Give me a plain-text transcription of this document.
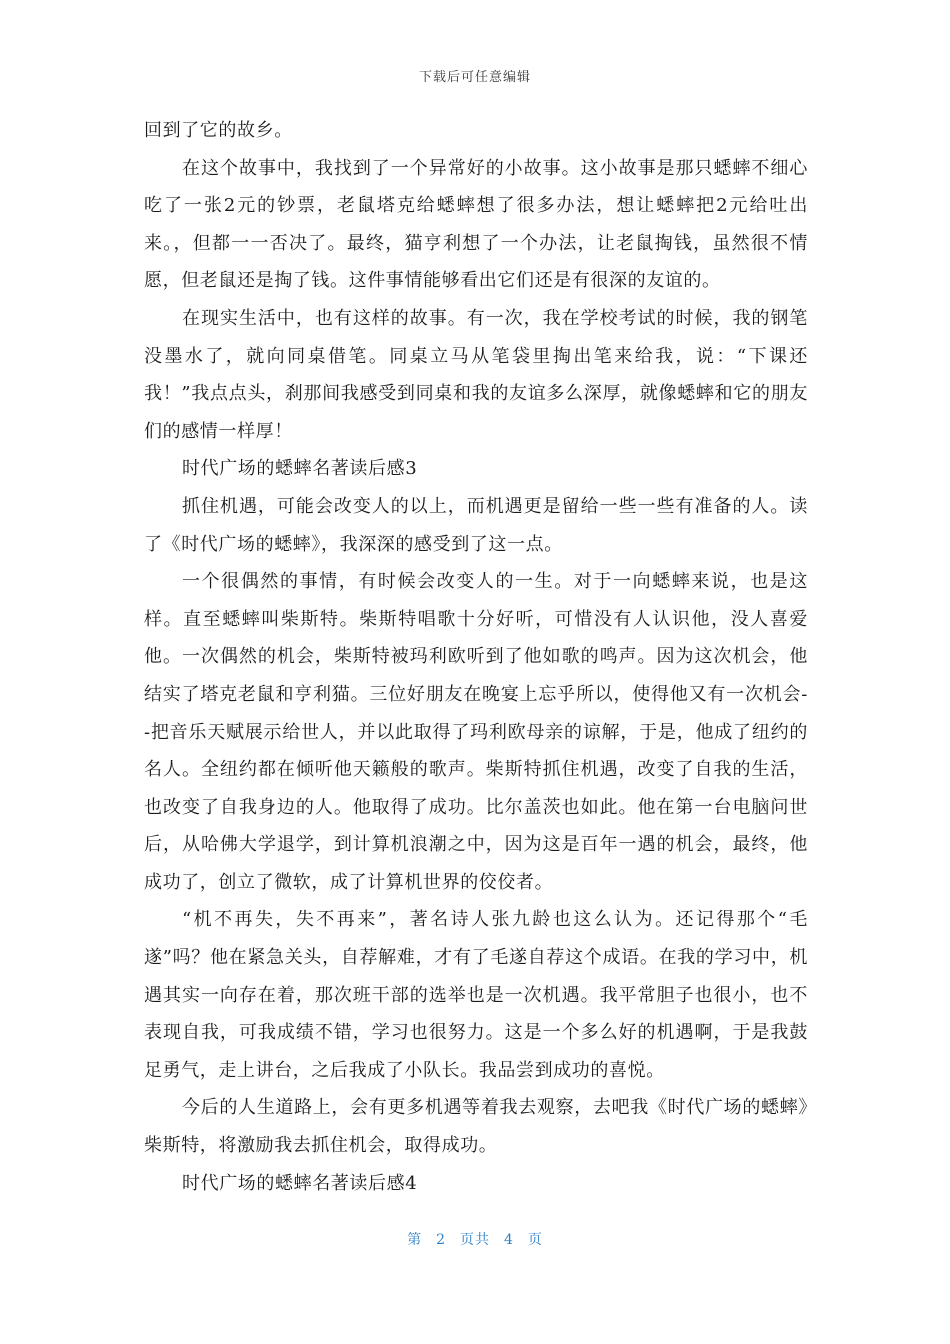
下载后可任意编辑

回到了它的故乡。

在这个故事中，我找到了一个异常好的小故事。这小故事是那只蟋蟀不细心吃了一张2元的钞票，老鼠塔克给蟋蟀想了很多办法，想让蟋蟀把2元给吐出来。，但都一一否决了。最终，猫亨利想了一个办法，让老鼠掏钱，虽然很不情愿，但老鼠还是掏了钱。这件事情能够看出它们还是有很深的友谊的。

在现实生活中，也有这样的故事。有一次，我在学校考试的时候，我的钢笔没墨水了，就向同桌借笔。同桌立马从笔袋里掏出笔来给我，说：“下课还我！”我点点头，刹那间我感受到同桌和我的友谊多么深厚，就像蟋蟀和它的朋友们的感情一样厚！

时代广场的蟋蟀名著读后感3

抓住机遇，可能会改变人的以上，而机遇更是留给一些一些有准备的人。读了《时代广场的蟋蟀》，我深深的感受到了这一点。

一个很偶然的事情，有时候会改变人的一生。对于一向蟋蟀来说，也是这样。直至蟋蟀叫柴斯特。柴斯特唱歌十分好听，可惜没有人认识他，没人喜爱他。一次偶然的机会，柴斯特被玛利欧听到了他如歌的鸣声。因为这次机会，他结实了塔克老鼠和亨利猫。三位好朋友在晚宴上忘乎所以，使得他又有一次机会--把音乐天赋展示给世人，并以此取得了玛利欧母亲的谅解，于是，他成了纽约的名人。全纽约都在倾听他天籁般的歌声。柴斯特抓住机遇，改变了自我的生活，也改变了自我身边的人。他取得了成功。比尔盖茨也如此。他在第一台电脑问世后，从哈佛大学退学，到计算机浪潮之中，因为这是百年一遇的机会，最终，他成功了，创立了微软，成了计算机世界的佼佼者。

“机不再失，失不再来”，著名诗人张九龄也这么认为。还记得那个“毛遂”吗？他在紧急关头，自荐解难，才有了毛遂自荐这个成语。在我的学习中，机遇其实一向存在着，那次班干部的选举也是一次机遇。我平常胆子也很小，也不表现自我，可我成绩不错，学习也很努力。这是一个多么好的机遇啊，于是我鼓足勇气，走上讲台，之后我成了小队长。我品尝到成功的喜悦。

今后的人生道路上，会有更多机遇等着我去观察，去吧我《时代广场的蟋蟀》柴斯特，将激励我去抓住机会，取得成功。

时代广场的蟋蟀名著读后感4

第 2 页共 4 页
